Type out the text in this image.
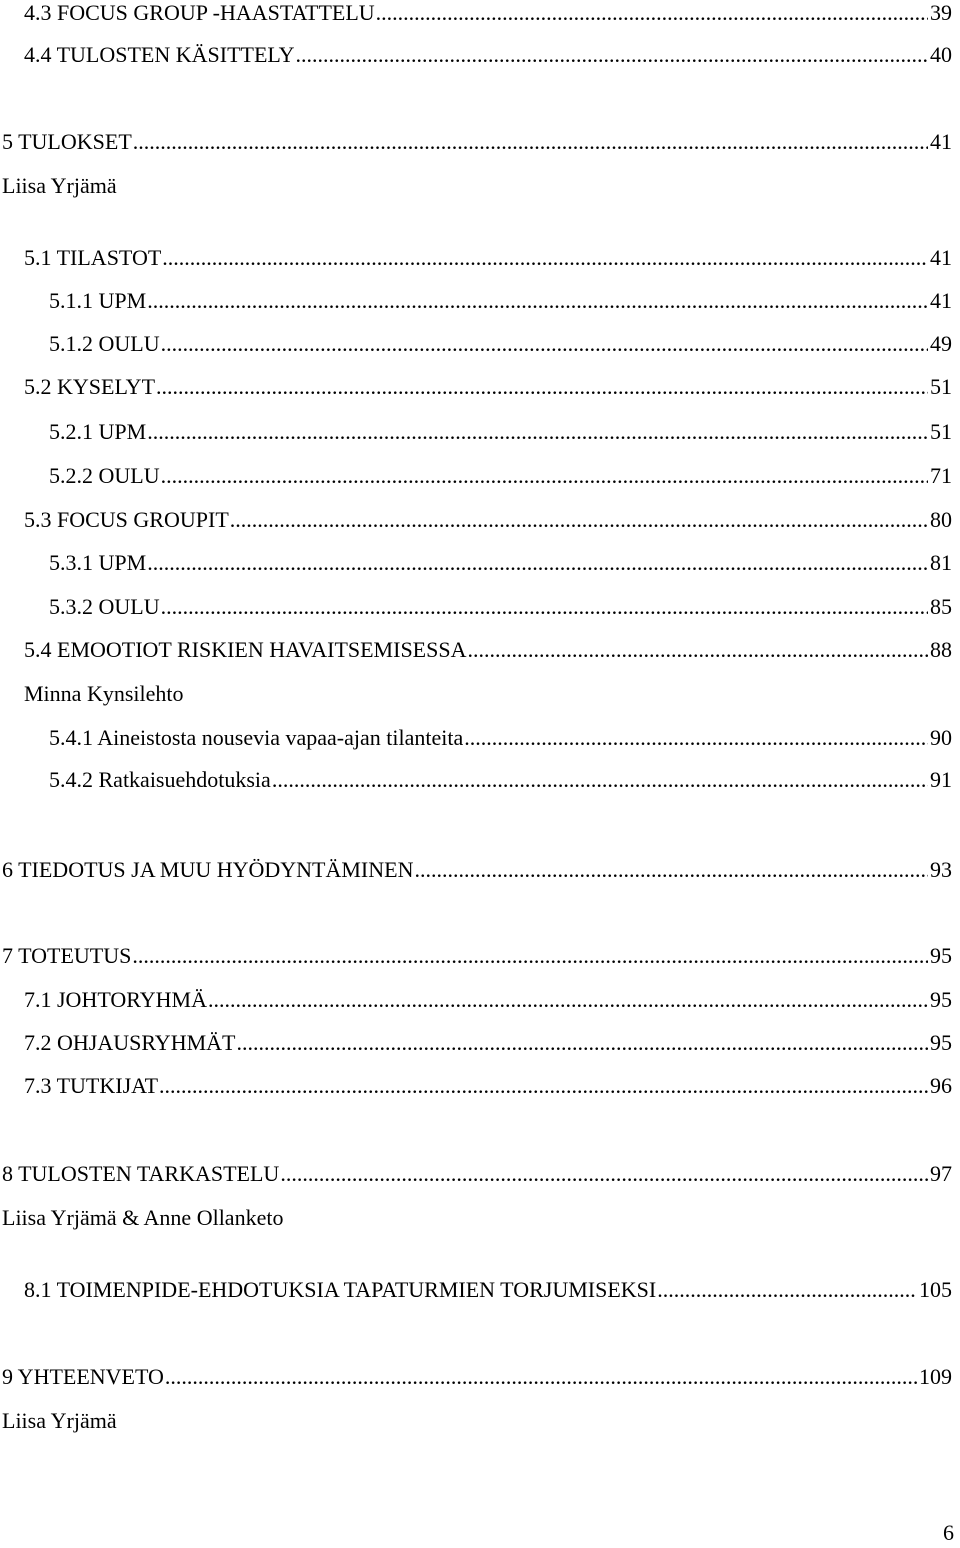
4.3 FOCUS GROUP -HAASTATTELU .....	39
4.4 TULOSTEN KÄSITTELY .....	40
5 TULOKSET .....	41
Liisa Yrjämä
5.1 TILASTOT .....	41
5.1.1 UPM .....	41
5.1.2 OULU .....	49
5.2 KYSELYT .....	51
5.2.1 UPM .....	51
5.2.2 OULU .....	71
5.3 FOCUS GROUPIT .....	80
5.3.1 UPM .....	81
5.3.2 OULU .....	85
5.4 EMOOTIOT RISKIEN HAVAITSEMISESSA .....	88
Minna Kynsilehto
5.4.1 Aineistosta nousevia vapaa-ajan tilanteita .....	90
5.4.2 Ratkaisuehdotuksia .....	91
6 TIEDOTUS JA MUU HYÖDYNTÄMINEN .....	93
7 TOTEUTUS .....	95
7.1 JOHTORYHMÄ .....	95
7.2 OHJAUSRYHMÄT .....	95
7.3 TUTKIJAT .....	96
8 TULOSTEN TARKASTELU .....	97
Liisa Yrjämä & Anne Ollanketo
8.1 TOIMENPIDE-EHDOTUKSIA TAPATURMIEN TORJUMISEKSI .....	105
9 YHTEENVETO .....	109
Liisa Yrjämä
6
